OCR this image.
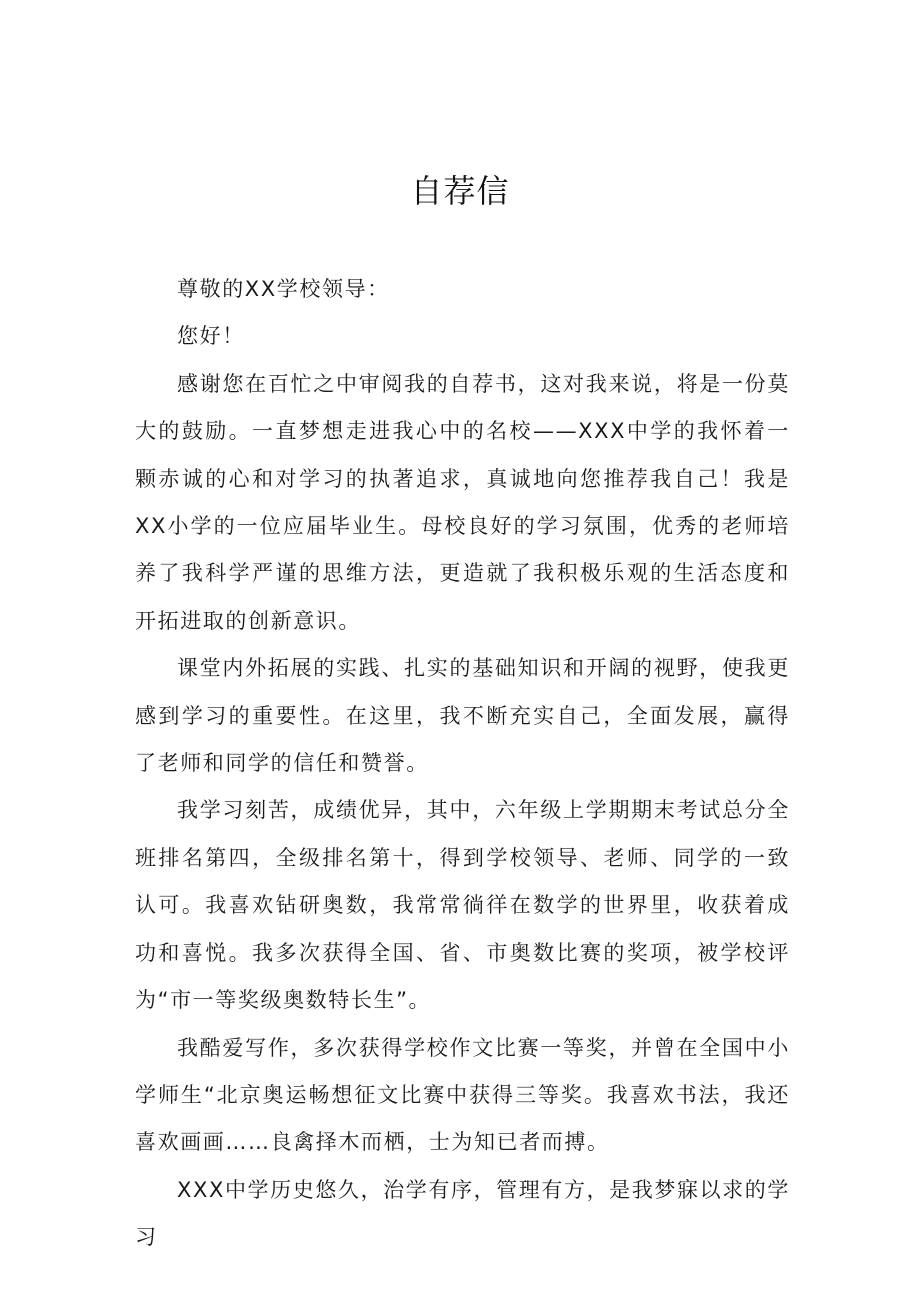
自荐信

尊敬的XX学校领导：

您好！

感谢您在百忙之中审阅我的自荐书，这对我来说，将是一份莫大的鼓励。一直梦想走进我心中的名校——XXX中学的我怀着一颗赤诚的心和对学习的执著追求，真诚地向您推荐我自己！我是XX小学的一位应届毕业生。母校良好的学习氛围，优秀的老师培养了我科学严谨的思维方法，更造就了我积极乐观的生活态度和开拓进取的创新意识。

课堂内外拓展的实践、扎实的基础知识和开阔的视野，使我更感到学习的重要性。在这里，我不断充实自己，全面发展，赢得了老师和同学的信任和赞誉。

我学习刻苦，成绩优异，其中，六年级上学期期末考试总分全班排名第四，全级排名第十，得到学校领导、老师、同学的一致认可。我喜欢钻研奥数，我常常徜徉在数学的世界里，收获着成功和喜悦。我多次获得全国、省、市奥数比赛的奖项，被学校评为“市一等奖级奥数特长生”。

我酷爱写作，多次获得学校作文比赛一等奖，并曾在全国中小学师生“北京奥运畅想征文比赛中获得三等奖。我喜欢书法，我还喜欢画画……良禽择木而栖，士为知已者而搏。

XXX中学历史悠久，治学有序，管理有方，是我梦寐以求的学习
